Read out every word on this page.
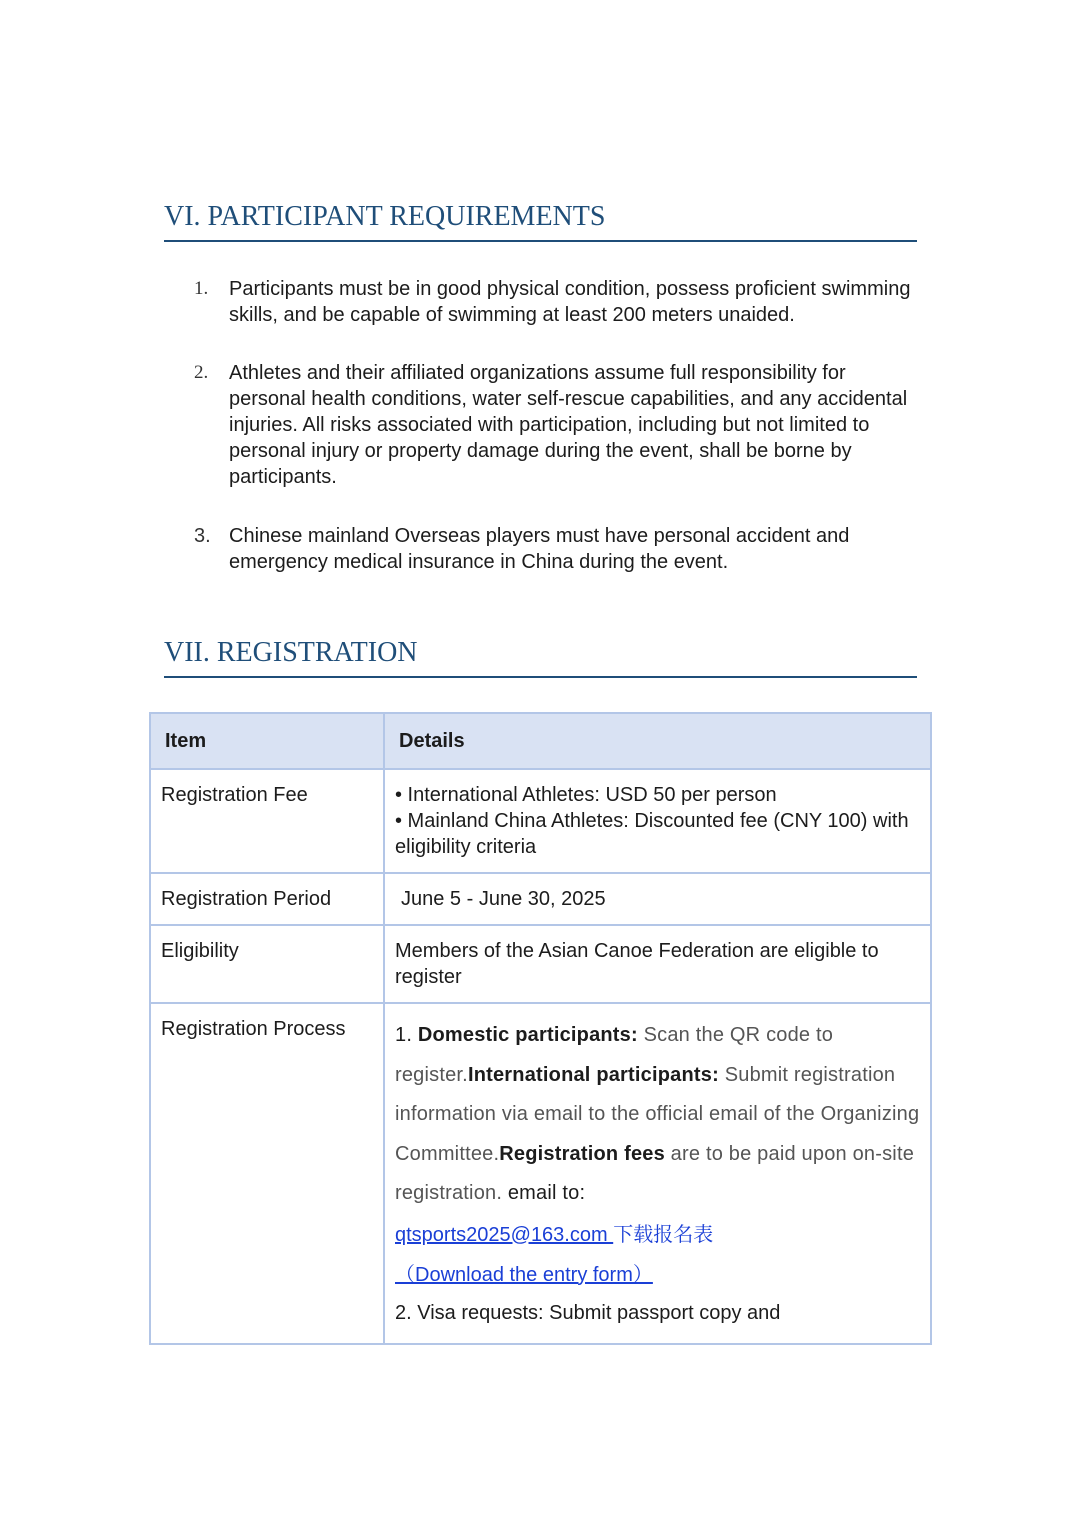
VI. PARTICIPANT REQUIREMENTS
1. Participants must be in good physical condition, possess proficient swimming skills, and be capable of swimming at least 200 meters unaided.
2. Athletes and their affiliated organizations assume full responsibility for personal health conditions, water self-rescue capabilities, and any accidental injuries. All risks associated with participation, including but not limited to personal injury or property damage during the event, shall be borne by participants.
3. Chinese mainland Overseas players must have personal accident and emergency medical insurance in China during the event.
VII. REGISTRATION
Item	Details
Registration Fee	• International Athletes: USD 50 per person
• Mainland China Athletes: Discounted fee (CNY 100) with eligibility criteria

Registration Period	June 5 - June 30, 2025
Eligibility	Members of the Asian Canoe Federation are eligible to register
Registration Process	1. Domestic participants: Scan the QR code to register.International participants: Submit registration information via email to the official email of the Organizing Committee.Registration fees are to be paid upon on-site registration. email to:
qtsports2025@163.com 下载报名表
（Download the entry form）
2. Visa requests: Submit passport copy and
